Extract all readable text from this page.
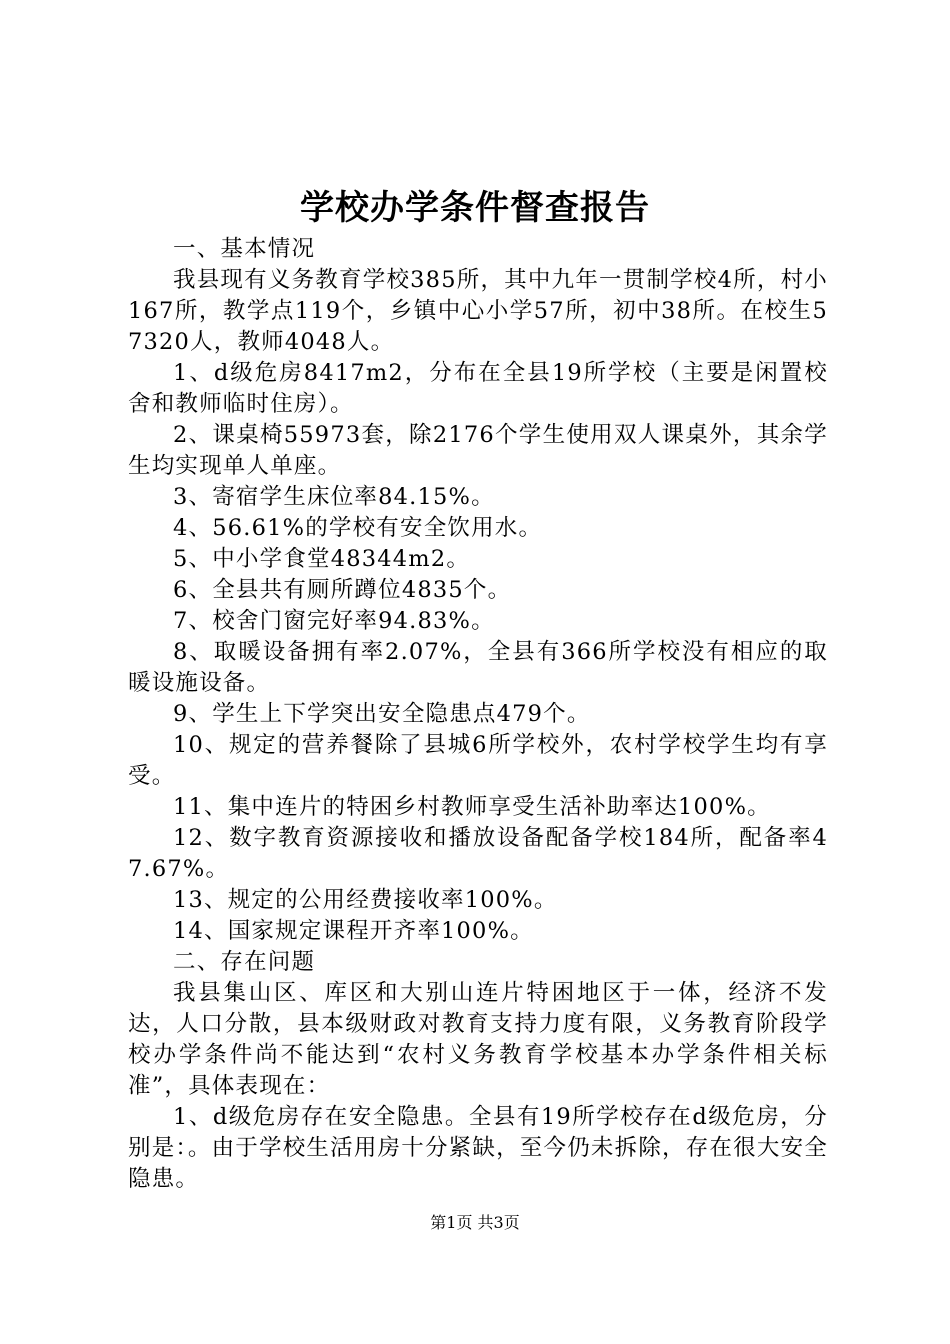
学校办学条件督查报告

一、基本情况

我县现有义务教育学校385所，其中九年一贯制学校4所，村小167所，教学点119个，乡镇中心小学57所，初中38所。在校生57320人，教师4048人。

1、d级危房8417m2，分布在全县19所学校（主要是闲置校舍和教师临时住房）。

2、课桌椅55973套，除2176个学生使用双人课桌外，其余学生均实现单人单座。

3、寄宿学生床位率84.15%。

4、56.61%的学校有安全饮用水。

5、中小学食堂48344m2。

6、全县共有厕所蹲位4835个。

7、校舍门窗完好率94.83%。

8、取暖设备拥有率2.07%，全县有366所学校没有相应的取暖设施设备。

9、学生上下学突出安全隐患点479个。

10、规定的营养餐除了县城6所学校外，农村学校学生均有享受。

11、集中连片的特困乡村教师享受生活补助率达100%。

12、数字教育资源接收和播放设备配备学校184所，配备率47.67%。

13、规定的公用经费接收率100%。

14、国家规定课程开齐率100%。

二、存在问题

我县集山区、库区和大别山连片特困地区于一体，经济不发达，人口分散，县本级财政对教育支持力度有限，义务教育阶段学校办学条件尚不能达到“农村义务教育学校基本办学条件相关标准”，具体表现在：

1、d级危房存在安全隐患。全县有19所学校存在d级危房，分别是：。由于学校生活用房十分紧缺，至今仍未拆除，存在很大安全隐患。

第1页 共3页
